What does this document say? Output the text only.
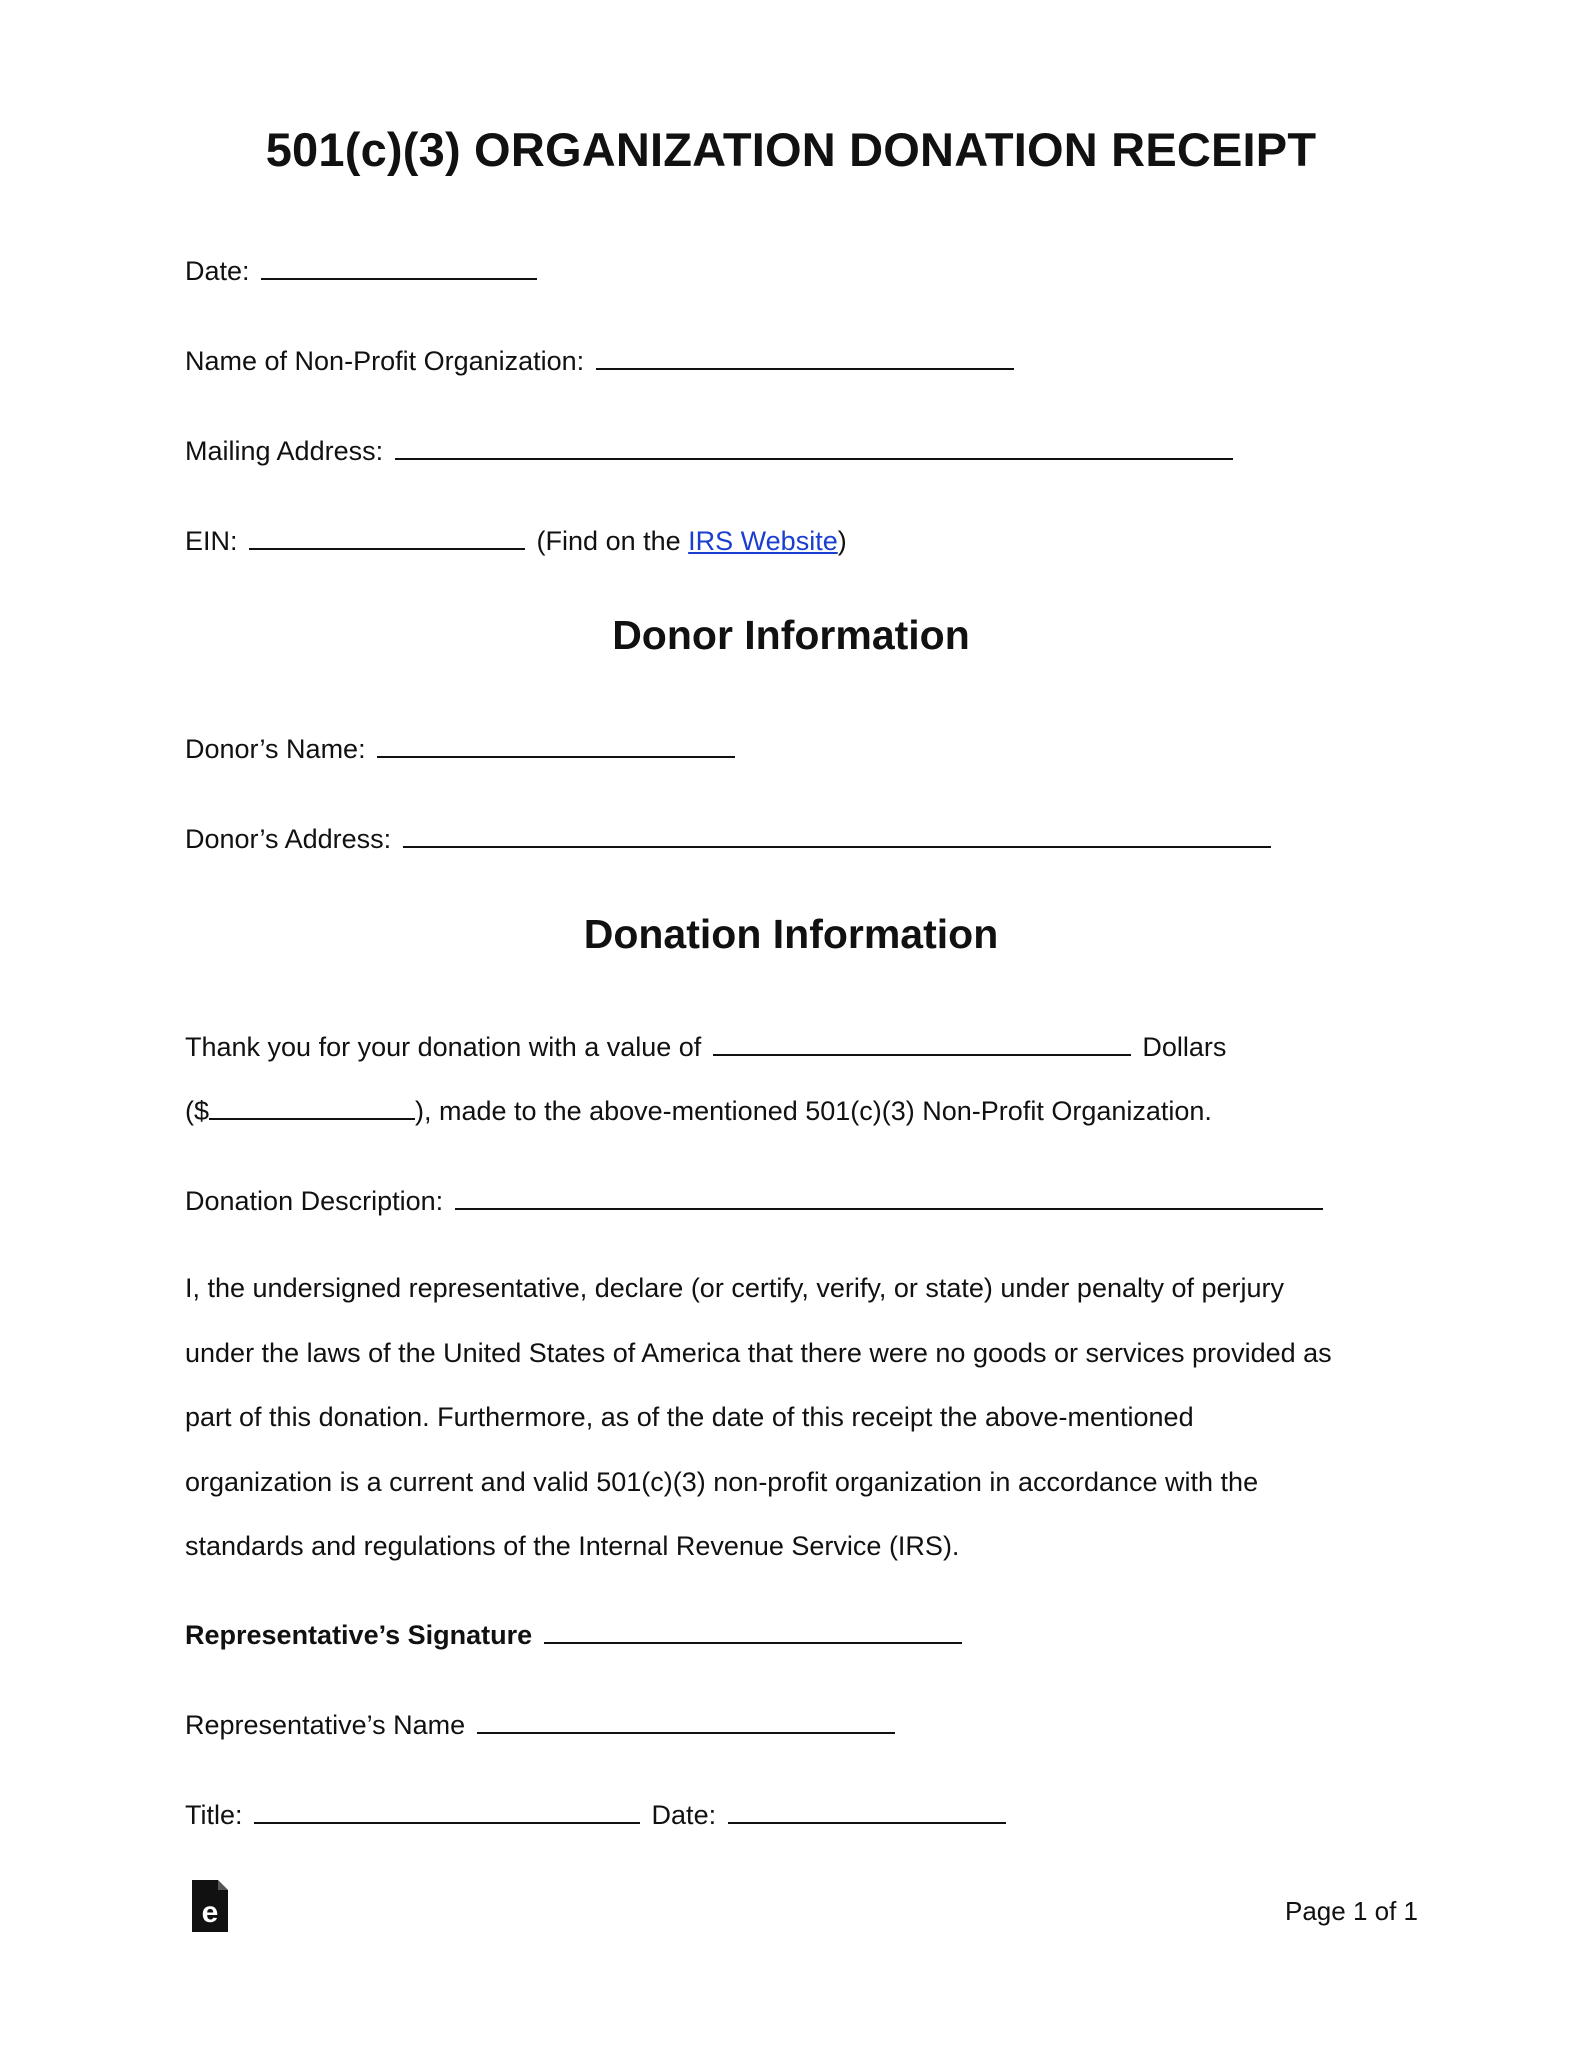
501(c)(3) ORGANIZATION DONATION RECEIPT
Date:
Name of Non-Profit Organization:
Mailing Address:
EIN:	(Find on the IRS Website)
Donor Information
Donor’s Name:
Donor’s Address:
Donation Information
Thank you for your donation with a value of	Dollars
($	), made to the above-mentioned 501(c)(3) Non-Profit Organization.
Donation Description:
I, the undersigned representative, declare (or certify, verify, or state) under penalty of perjury
under the laws of the United States of America that there were no goods or services provided as
part of this donation. Furthermore, as of the date of this receipt the above-mentioned
organization is a current and valid 501(c)(3) non-profit organization in accordance with the
standards and regulations of the Internal Revenue Service (IRS).
Representative’s Signature
Representative’s Name
Title:	Date:
e	Page 1 of 1
